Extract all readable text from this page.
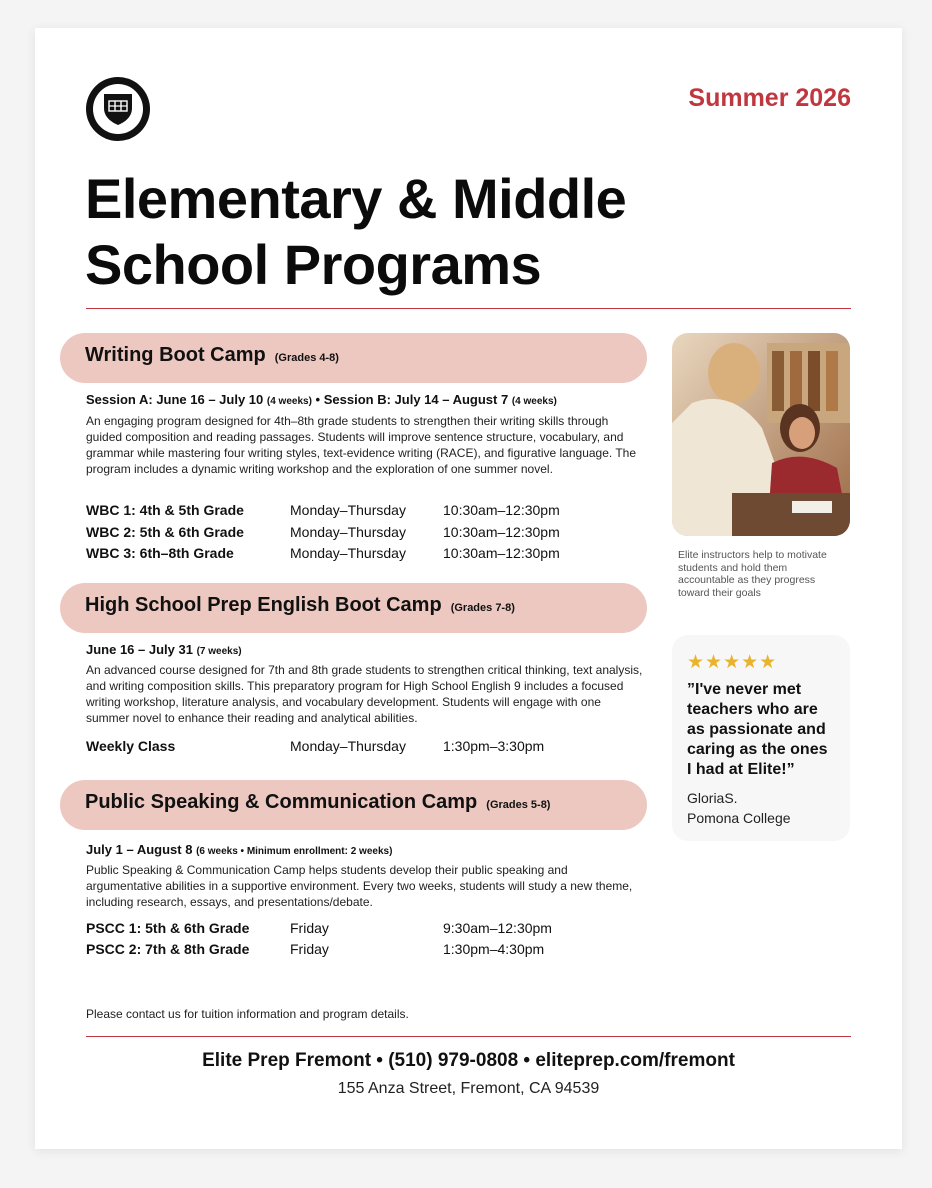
Summer 2026
Elementary & Middle
School Programs
Writing Boot Camp (Grades 4-8)
Session A: June 16 – July 10 (4 weeks) • Session B: July 14 – August 7 (4 weeks)
An engaging program designed for 4th–8th grade students to strengthen their writing skills through guided composition and reading passages. Students will improve sentence structure, vocabulary, and grammar while mastering four writing styles, text-evidence writing (RACE), and figurative language. The program includes a dynamic writing workshop and the exploration of one summer novel.
WBC 1: 4th & 5th Grade	Monday–Thursday	10:30am–12:30pm
WBC 2: 5th & 6th Grade	Monday–Thursday	10:30am–12:30pm
WBC 3: 6th–8th Grade	Monday–Thursday	10:30am–12:30pm
High School Prep English Boot Camp (Grades 7-8)
June 16 – July 31 (7 weeks)
An advanced course designed for 7th and 8th grade students to strengthen critical thinking, text analysis, and writing composition skills. This preparatory program for High School English 9 includes a focused writing workshop, literature analysis, and vocabulary development. Students will engage with one summer novel to enhance their reading and analytical abilities.
Weekly Class	Monday–Thursday	1:30pm–3:30pm
Public Speaking & Communication Camp (Grades 5-8)
July 1 – August 8 (6 weeks • Minimum enrollment: 2 weeks)
Public Speaking & Communication Camp helps students develop their public speaking and argumentative abilities in a supportive environment. Every two weeks, students will study a new theme, including research, essays, and presentations/debate.
PSCC 1: 5th & 6th Grade	Friday	9:30am–12:30pm
PSCC 2: 7th & 8th Grade	Friday	1:30pm–4:30pm
Elite instructors help to motivate students and hold them accountable as they progress toward their goals
★★★★★
”I've never met teachers who are as passionate and caring as the ones I had at Elite!”
GloriaS.
Pomona College
Please contact us for tuition information and program details.
Elite Prep Fremont • (510) 979-0808 • eliteprep.com/fremont
155 Anza Street, Fremont, CA 94539
